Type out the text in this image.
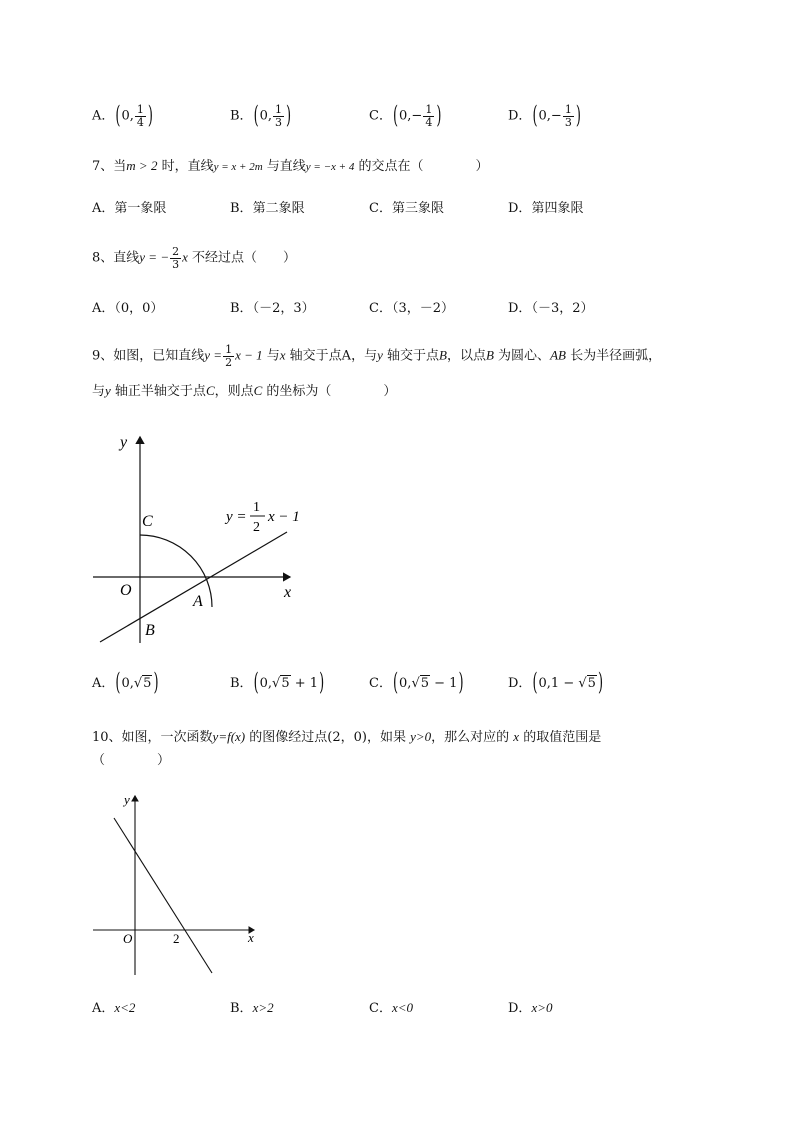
A．(0, $\frac{1}{4}$ )	B．(0, $\frac{1}{3}$ )	C．($0,- \frac{1}{4}$ )	D．($0,- \frac{1}{3}$ )
7、当m > 2 时，直线y = x + 2m 与直线y = −x + 4 的交点在（　　　　）
A．第一象限	B．第二象限	C．第三象限	D．第四象限
8、直线y = − $\frac{2}{3}$ x 不经过点（　　）
A．（0，0）	B．（－2，3）	C．（3，－2）	D．（－3，2）
9、如图，已知直线$y = \frac{1}{2}$ x − 1 与x 轴交于点A，与y 轴交于点B，以点B 为圆心、AB 长为半径画弧，
与y 轴正半轴交于点C，则点C 的坐标为（　　　　）
y
x
O
A
B
C	y =
1
2
x − 1
A．(0,√5 )	B．(0,√5 + 1)	C．(0,√5 − 1)	D．(0,1 − √5 )
10、如图，一次函数y=f(x) 的图像经过点(2，0)，如果 y>0，那么对应的 x 的取值范围是
（　　　　）
y
x
O	2
A．x<2	B．x>2	C．x<0	D．x>0
